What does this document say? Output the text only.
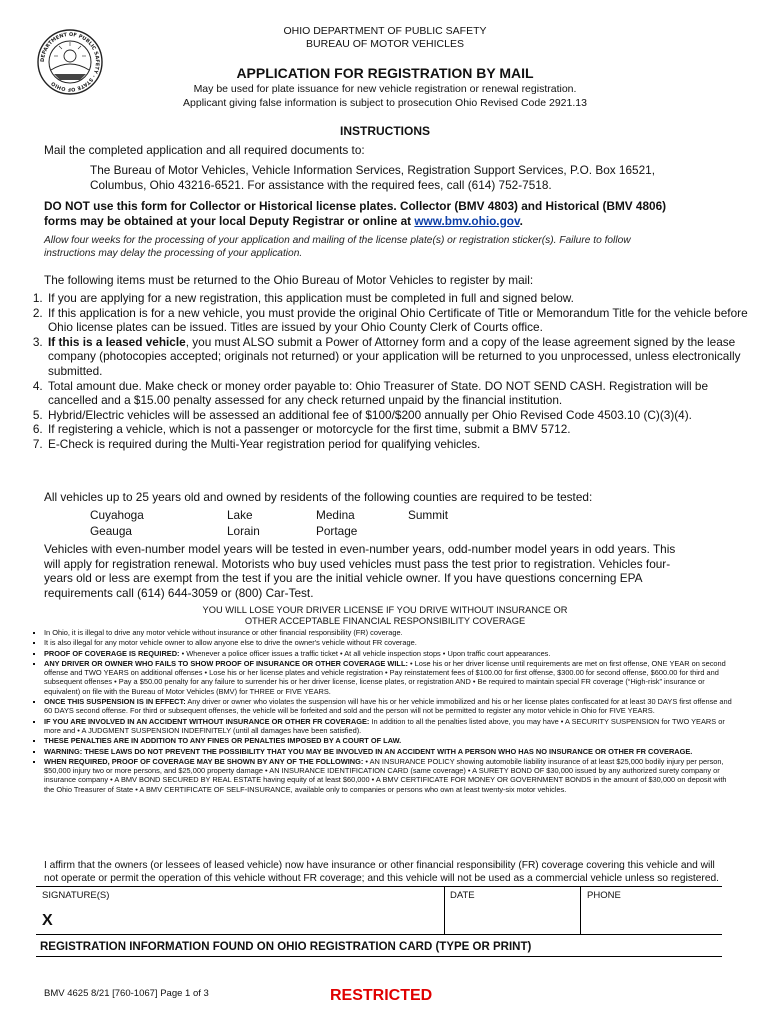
DEPARTMENT OF PUBLIC SAFETY · STATE OF OHIO
OHIO DEPARTMENT OF PUBLIC SAFETY
BUREAU OF MOTOR VEHICLES
APPLICATION FOR REGISTRATION BY MAIL
May be used for plate issuance for new vehicle registration or renewal registration.
Applicant giving false information is subject to prosecution Ohio Revised Code 2921.13
INSTRUCTIONS
Mail the completed application and all required documents to:
The Bureau of Motor Vehicles, Vehicle Information Services, Registration Support Services, P.O. Box 16521,
Columbus, Ohio 43216-6521. For assistance with the required fees, call (614) 752-7518.
DO NOT use this form for Collector or Historical license plates. Collector (BMV 4803) and Historical (BMV 4806)
forms may be obtained at your local Deputy Registrar or online at www.bmv.ohio.gov.
Allow four weeks for the processing of your application and mailing of the license plate(s) or registration sticker(s). Failure to follow
instructions may delay the processing of your application.
The following items must be returned to the Ohio Bureau of Motor Vehicles to register by mail:
1. If you are applying for a new registration, this application must be completed in full and signed below.
2. If this application is for a new vehicle, you must provide the original Ohio Certificate of Title or Memorandum Title for the vehicle before Ohio license plates can be issued. Titles are issued by your Ohio County Clerk of Courts office.
3. If this is a leased vehicle, you must ALSO submit a Power of Attorney form and a copy of the lease agreement signed by the lease company (photocopies accepted; originals not returned) or your application will be returned to you unprocessed, unless electronically submitted.
4. Total amount due. Make check or money order payable to: Ohio Treasurer of State. DO NOT SEND CASH. Registration will be cancelled and a $15.00 penalty assessed for any check returned unpaid by the financial institution.
5. Hybrid/Electric vehicles will be assessed an additional fee of $100/$200 annually per Ohio Revised Code 4503.10 (C)(3)(4).
6. If registering a vehicle, which is not a passenger or motorcycle for the first time, submit a BMV 5712.
7. E-Check is required during the Multi-Year registration period for qualifying vehicles.
All vehicles up to 25 years old and owned by residents of the following counties are required to be tested:
Cuyahoga
Geauga
Lake
Lorain
Medina
Portage
Summit
Vehicles with even-number model years will be tested in even-number years, odd-number model years in odd years. This
will apply for registration renewal. Motorists who buy used vehicles must pass the test prior to registration. Vehicles four-
years old or less are exempt from the test if you are the initial vehicle owner. If you have questions concerning EPA
requirements call (614) 644-3059 or (800) Car-Test.
YOU WILL LOSE YOUR DRIVER LICENSE IF YOU DRIVE WITHOUT INSURANCE OR
OTHER ACCEPTABLE FINANCIAL RESPONSIBILITY COVERAGE
▪ In Ohio, it is illegal to drive any motor vehicle without insurance or other financial responsibility (FR) coverage.
▪ It is also illegal for any motor vehicle owner to allow anyone else to drive the owner's vehicle without FR coverage.
▪ PROOF OF COVERAGE IS REQUIRED: • Whenever a police officer issues a traffic ticket • At all vehicle inspection stops • Upon traffic court appearances.
▪ ANY DRIVER OR OWNER WHO FAILS TO SHOW PROOF OF INSURANCE OR OTHER COVERAGE WILL: • Lose his or her driver license until requirements are met on first offense, ONE YEAR on second offense and TWO YEARS on additional offenses • Lose his or her license plates and vehicle registration • Pay reinstatement fees of $100.00 for first offense, $300.00 for second offense, $600.00 for third and subsequent offenses • Pay a $50.00 penalty for any failure to surrender his or her driver license, license plates, or registration AND • Be required to maintain special FR coverage (“High-risk” insurance or equivalent) on file with the Bureau of Motor Vehicles (BMV) for THREE or FIVE YEARS.
▪ ONCE THIS SUSPENSION IS IN EFFECT: Any driver or owner who violates the suspension will have his or her vehicle immobilized and his or her license plates confiscated for at least 30 DAYS first offense and 60 DAYS second offense. For third or subsequent offenses, the vehicle will be forfeited and sold and the person will not be permitted to register any motor vehicle in Ohio for FIVE YEARS.
▪ IF YOU ARE INVOLVED IN AN ACCIDENT WITHOUT INSURANCE OR OTHER FR COVERAGE: In addition to all the penalties listed above, you may have • A SECURITY SUSPENSION for TWO YEARS or more and • A JUDGMENT SUSPENSION INDEFINITELY (until all damages have been satisfied).
▪ THESE PENALTIES ARE IN ADDITION TO ANY FINES OR PENALTIES IMPOSED BY A COURT OF LAW.
▪ WARNING: THESE LAWS DO NOT PREVENT THE POSSIBILITY THAT YOU MAY BE INVOLVED IN AN ACCIDENT WITH A PERSON WHO HAS NO INSURANCE OR OTHER FR COVERAGE.
▪ WHEN REQUIRED, PROOF OF COVERAGE MAY BE SHOWN BY ANY OF THE FOLLOWING: • AN INSURANCE POLICY showing automobile liability insurance of at least $25,000 bodily injury per person, $50,000 injury two or more persons, and $25,000 property damage • AN INSURANCE IDENTIFICATION CARD (same coverage) • A SURETY BOND OF $30,000 issued by any authorized surety company or insurance company • A BMV BOND SECURED BY REAL ESTATE having equity of at least $60,000 • A BMV CERTIFICATE FOR MONEY OR GOVERNMENT BONDS in the amount of $30,000 on deposit with the Ohio Treasurer of State • A BMV CERTIFICATE OF SELF-INSURANCE, available only to companies or persons who own at least twenty-six motor vehicles.
I affirm that the owners (or lessees of leased vehicle) now have insurance or other financial responsibility (FR) coverage covering this vehicle and will not operate or permit the operation of this vehicle without FR coverage; and this vehicle will not be used as a commercial vehicle unless so registered.
SIGNATURE(S)
X
DATE	PHONE
REGISTRATION INFORMATION FOUND ON OHIO REGISTRATION CARD (TYPE OR PRINT)
BMV 4625 8/21 [760-1067] Page 1 of 3	RESTRICTED
